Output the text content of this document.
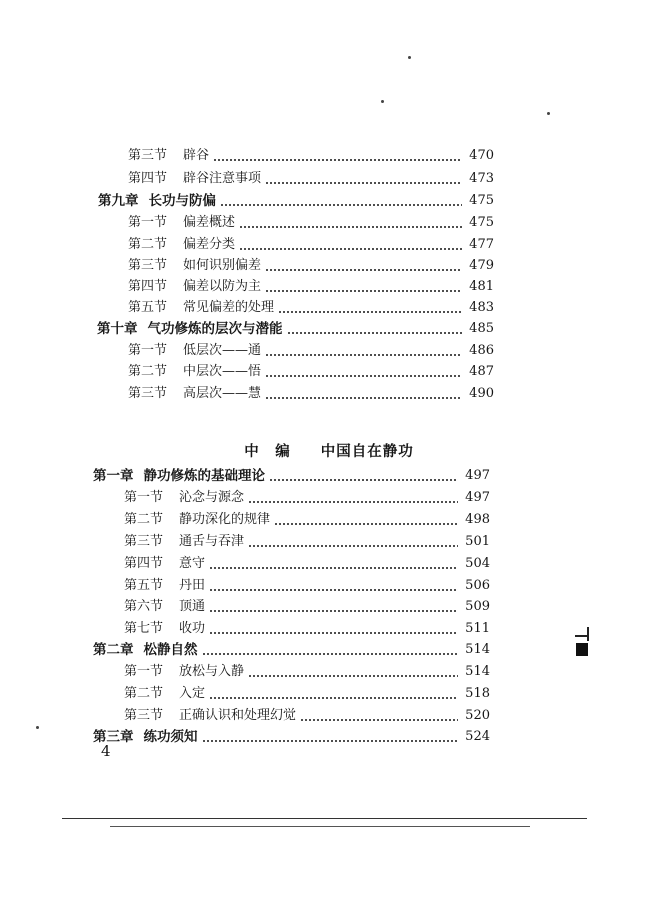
第三节 辟谷	470
第四节 辟谷注意事项	473
第九章 长功与防偏	475
第一节 偏差概述	475
第二节 偏差分类	477
第三节 如何识别偏差	479
第四节 偏差以防为主	481
第五节 常见偏差的处理	483
第十章 气功修炼的层次与潜能	485
第一节 低层次——通	486
第二节 中层次——悟	487
第三节 高层次——慧	490
中　编 中国自在静功
第一章 静功修炼的基础理论	497
第一节 沁念与源念	497
第二节 静功深化的规律	498
第三节 通舌与吞津	501
第四节 意守	504
第五节 丹田	506
第六节 顶通	509
第七节 收功	511
第二章 松静自然	514
第一节 放松与入静	514
第二节 入定	518
第三节 正确认识和处理幻觉	520
第三章 练功须知	524
4
